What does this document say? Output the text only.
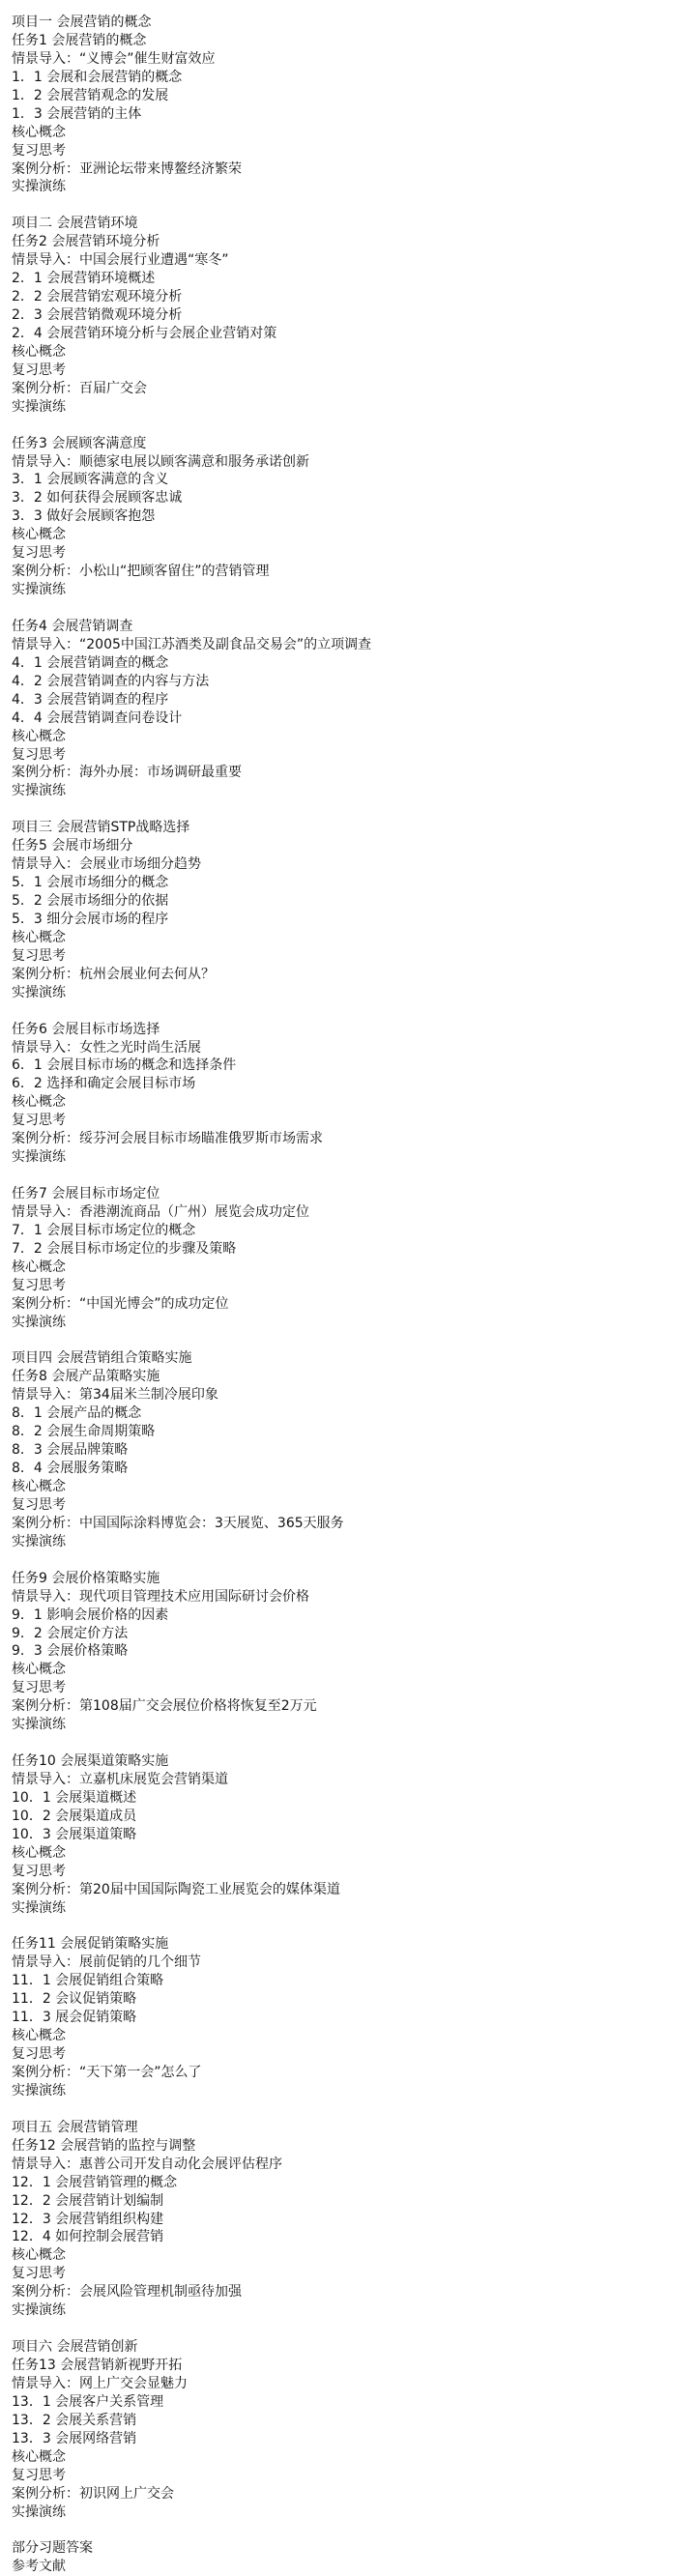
项目一 会展营销的概念
任务1 会展营销的概念
情景导入：“义博会”催生财富效应
1．1 会展和会展营销的概念
1．2 会展营销观念的发展
1．3 会展营销的主体
核心概念
复习思考
案例分析：亚洲论坛带来博鳌经济繁荣
实操演练
项目二 会展营销环境
任务2 会展营销环境分析
情景导入：中国会展行业遭遇“寒冬”
2．1 会展营销环境概述
2．2 会展营销宏观环境分析
2．3 会展营销微观环境分析
2．4 会展营销环境分析与会展企业营销对策
核心概念
复习思考
案例分析：百届广交会
实操演练
任务3 会展顾客满意度
情景导入：顺德家电展以顾客满意和服务承诺创新
3．1 会展顾客满意的含义
3．2 如何获得会展顾客忠诚
3．3 做好会展顾客抱怨
核心概念
复习思考
案例分析：小松山“把顾客留住”的营销管理
实操演练
任务4 会展营销调查
情景导入：“2005中国江苏酒类及副食品交易会”的立项调查
4．1 会展营销调查的概念
4．2 会展营销调查的内容与方法
4．3 会展营销调查的程序
4．4 会展营销调查问卷设计
核心概念
复习思考
案例分析：海外办展：市场调研最重要
实操演练
项目三 会展营销STP战略选择
任务5 会展市场细分
情景导入：会展业市场细分趋势
5．1 会展市场细分的概念
5．2 会展市场细分的依据
5．3 细分会展市场的程序
核心概念
复习思考
案例分析：杭州会展业何去何从？
实操演练
任务6 会展目标市场选择
情景导入：女性之光时尚生活展
6．1 会展目标市场的概念和选择条件
6．2 选择和确定会展目标市场
核心概念
复习思考
案例分析：绥芬河会展目标市场瞄准俄罗斯市场需求
实操演练
任务7 会展目标市场定位
情景导入：香港潮流商品（广州）展览会成功定位
7．1 会展目标市场定位的概念
7．2 会展目标市场定位的步骤及策略
核心概念
复习思考
案例分析：“中国光博会”的成功定位
实操演练
项目四 会展营销组合策略实施
任务8 会展产品策略实施
情景导入：第34届米兰制冷展印象
8．1 会展产品的概念
8．2 会展生命周期策略
8．3 会展品牌策略
8．4 会展服务策略
核心概念
复习思考
案例分析：中国国际涂料博览会：3天展览、365天服务
实操演练
任务9 会展价格策略实施
情景导入：现代项目管理技术应用国际研讨会价格
9．1 影响会展价格的因素
9．2 会展定价方法
9．3 会展价格策略
核心概念
复习思考
案例分析：第108届广交会展位价格将恢复至2万元
实操演练
任务10 会展渠道策略实施
情景导入：立嘉机床展览会营销渠道
10．1 会展渠道概述
10．2 会展渠道成员
10．3 会展渠道策略
核心概念
复习思考
案例分析：第20届中国国际陶瓷工业展览会的媒体渠道
实操演练
任务11 会展促销策略实施
情景导入：展前促销的几个细节
11．1 会展促销组合策略
11．2 会议促销策略
11．3 展会促销策略
核心概念
复习思考
案例分析：“天下第一会”怎么了
实操演练
项目五 会展营销管理
任务12 会展营销的监控与调整
情景导入：惠普公司开发自动化会展评估程序
12．1 会展营销管理的概念
12．2 会展营销计划编制
12．3 会展营销组织构建
12．4 如何控制会展营销
核心概念
复习思考
案例分析：会展风险管理机制亟待加强
实操演练
项目六 会展营销创新
任务13 会展营销新视野开拓
情景导入：网上广交会显魅力
13．1 会展客户关系管理
13．2 会展关系营销
13．3 会展网络营销
核心概念
复习思考
案例分析：初识网上广交会
实操演练
部分习题答案
参考文献
